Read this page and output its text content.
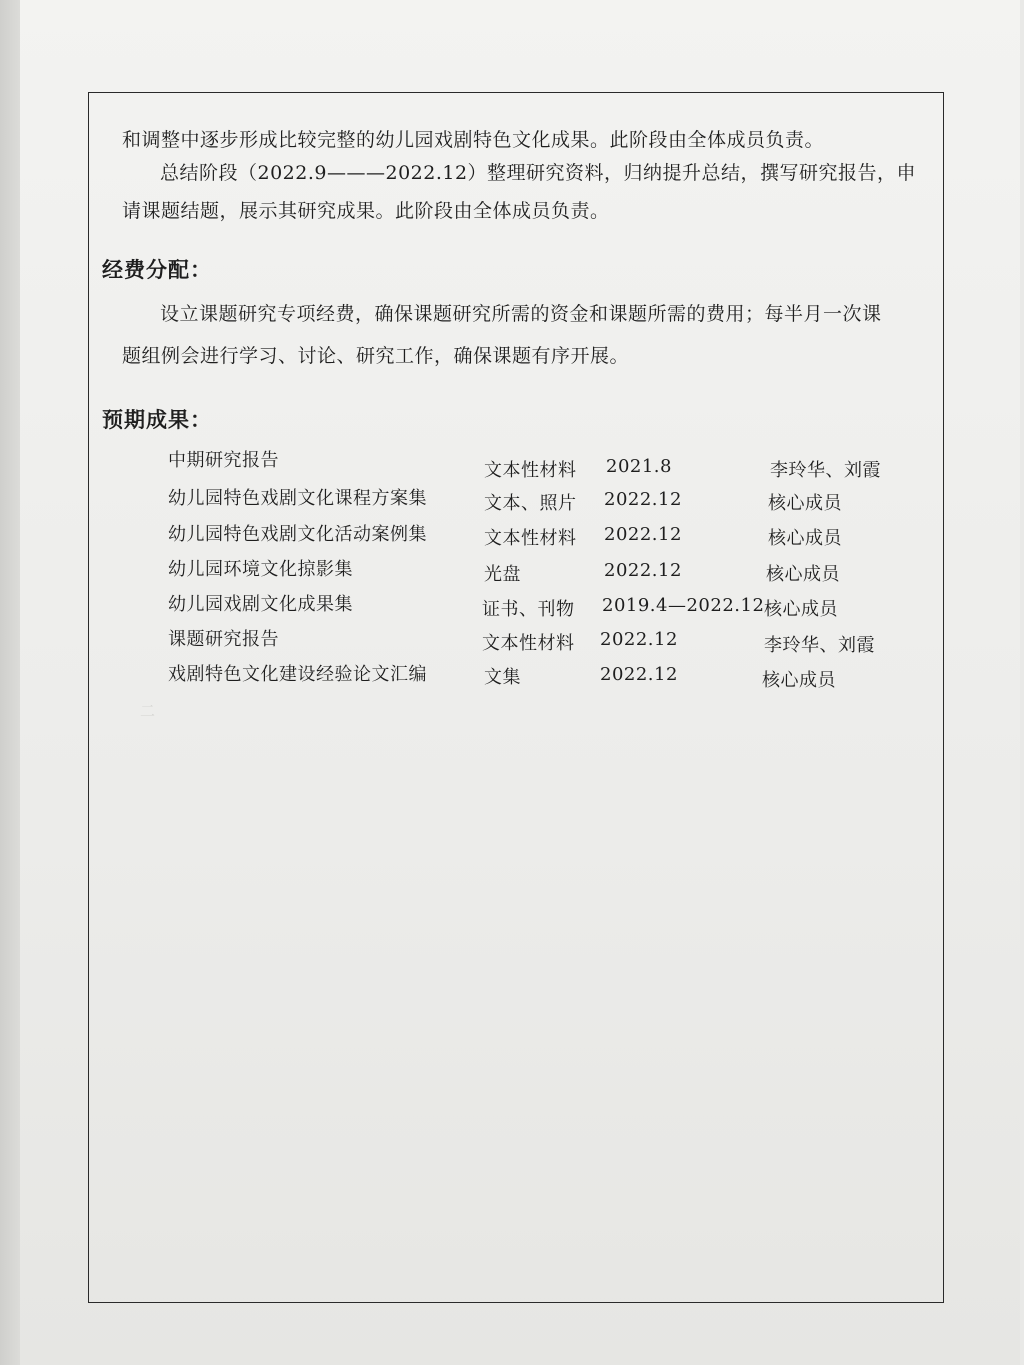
二　　　　　　　　　　　　　　　　　　
和调整中逐步形成比较完整的幼儿园戏剧特色文化成果。此阶段由全体成员负责。
总结阶段（2022.9———2022.12）整理研究资料，归纳提升总结，撰写研究报告，申
请课题结题，展示其研究成果。此阶段由全体成员负责。
经费分配：
设立课题研究专项经费，确保课题研究所需的资金和课题所需的费用；每半月一次课
题组例会进行学习、讨论、研究工作，确保课题有序开展。
预期成果：
中期研究报告	文本性材料 2021.8	李玲华、刘霞
幼儿园特色戏剧文化课程方案集	文本、照片 2022.12	核心成员
幼儿园特色戏剧文化活动案例集	文本性材料 2022.12	核心成员
幼儿园环境文化掠影集	光盘	2022.12	核心成员
幼儿园戏剧文化成果集	证书、刊物 2019.4—2022.12 核心成员
课题研究报告	文本性材料 2022.12	李玲华、刘霞
戏剧特色文化建设经验论文汇编	文集	2022.12	核心成员
